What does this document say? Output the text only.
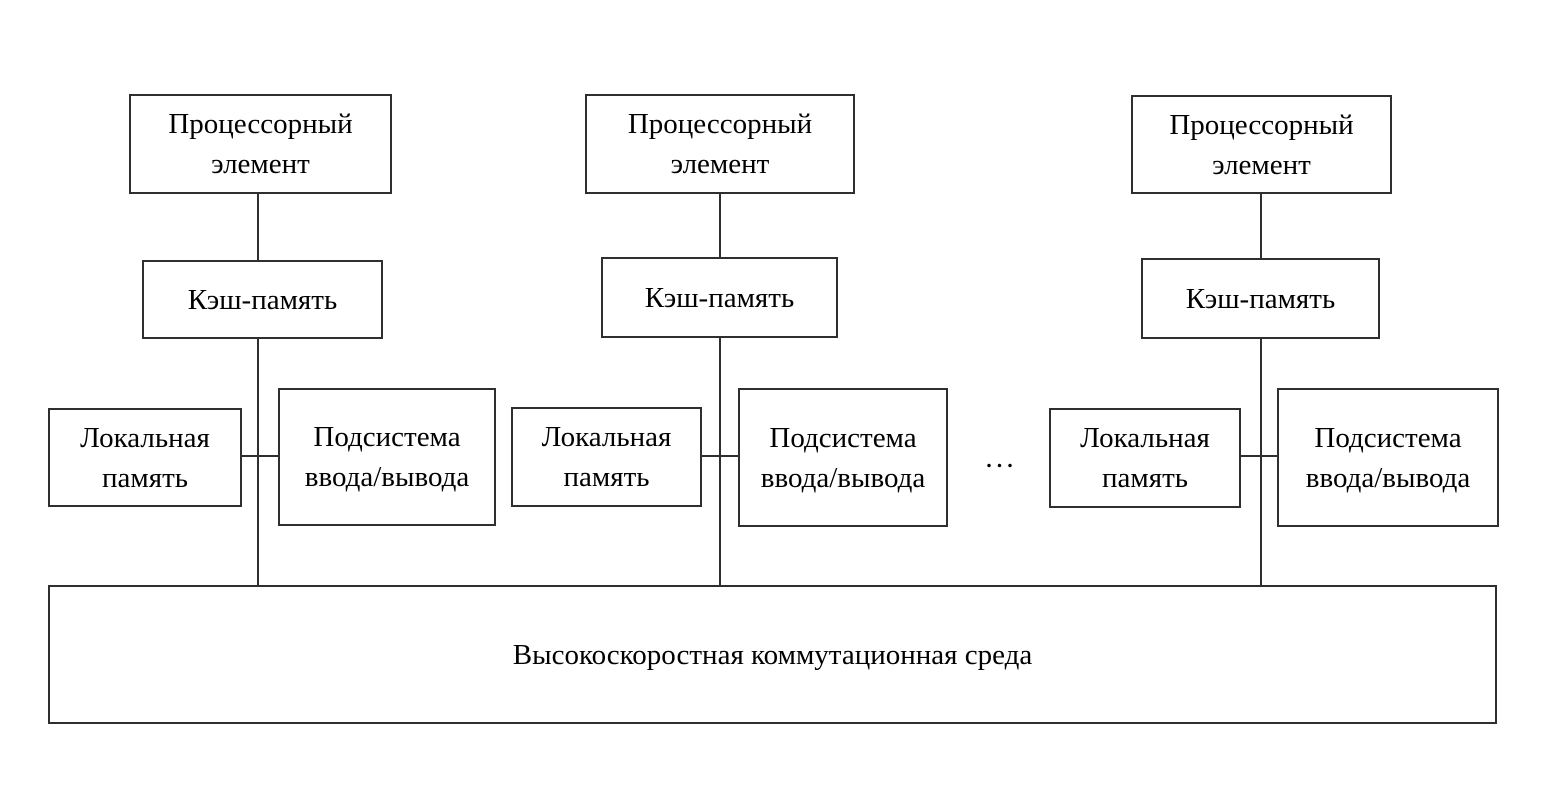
Процессорный элемент
Кэш-память
Локальная память
Подсистема ввода/вывода
Процессорный элемент
Кэш-память
Локальная память
Подсистема ввода/вывода
...
Процессорный элемент
Кэш-память
Локальная память
Подсистема ввода/вывода
Высокоскоростная коммутационная среда
